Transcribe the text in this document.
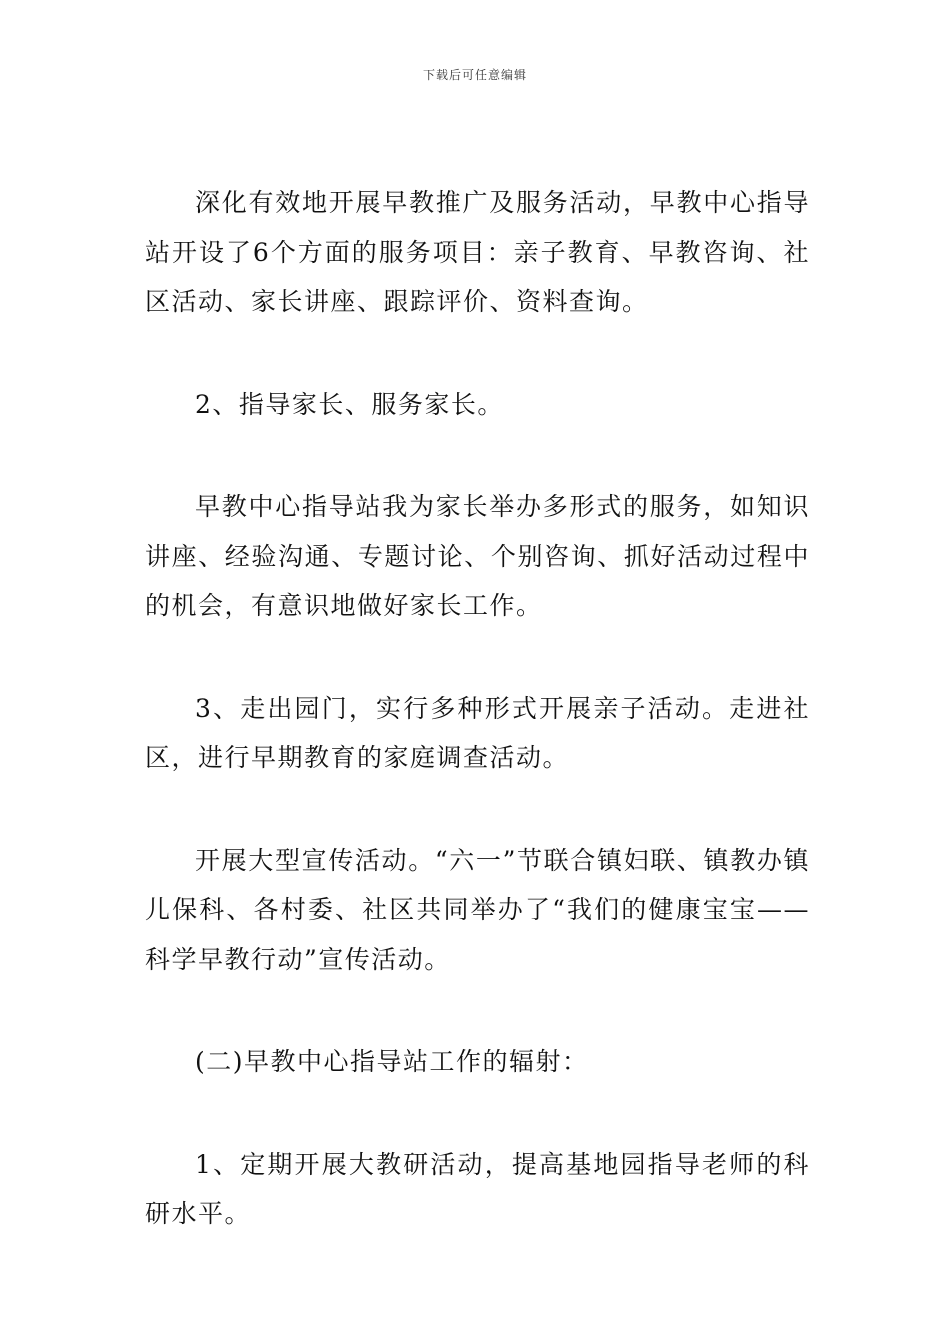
下载后可任意编辑

深化有效地开展早教推广及服务活动，早教中心指导站开设了6个方面的服务项目：亲子教育、早教咨询、社区活动、家长讲座、跟踪评价、资料查询。

2、指导家长、服务家长。

早教中心指导站我为家长举办多形式的服务，如知识讲座、经验沟通、专题讨论、个别咨询、抓好活动过程中的机会，有意识地做好家长工作。

3、走出园门，实行多种形式开展亲子活动。走进社区，进行早期教育的家庭调查活动。

开展大型宣传活动。“六一”节联合镇妇联、镇教办镇儿保科、各村委、社区共同举办了“我们的健康宝宝——科学早教行动”宣传活动。

(二)早教中心指导站工作的辐射：

1、定期开展大教研活动，提高基地园指导老师的科研水平。
